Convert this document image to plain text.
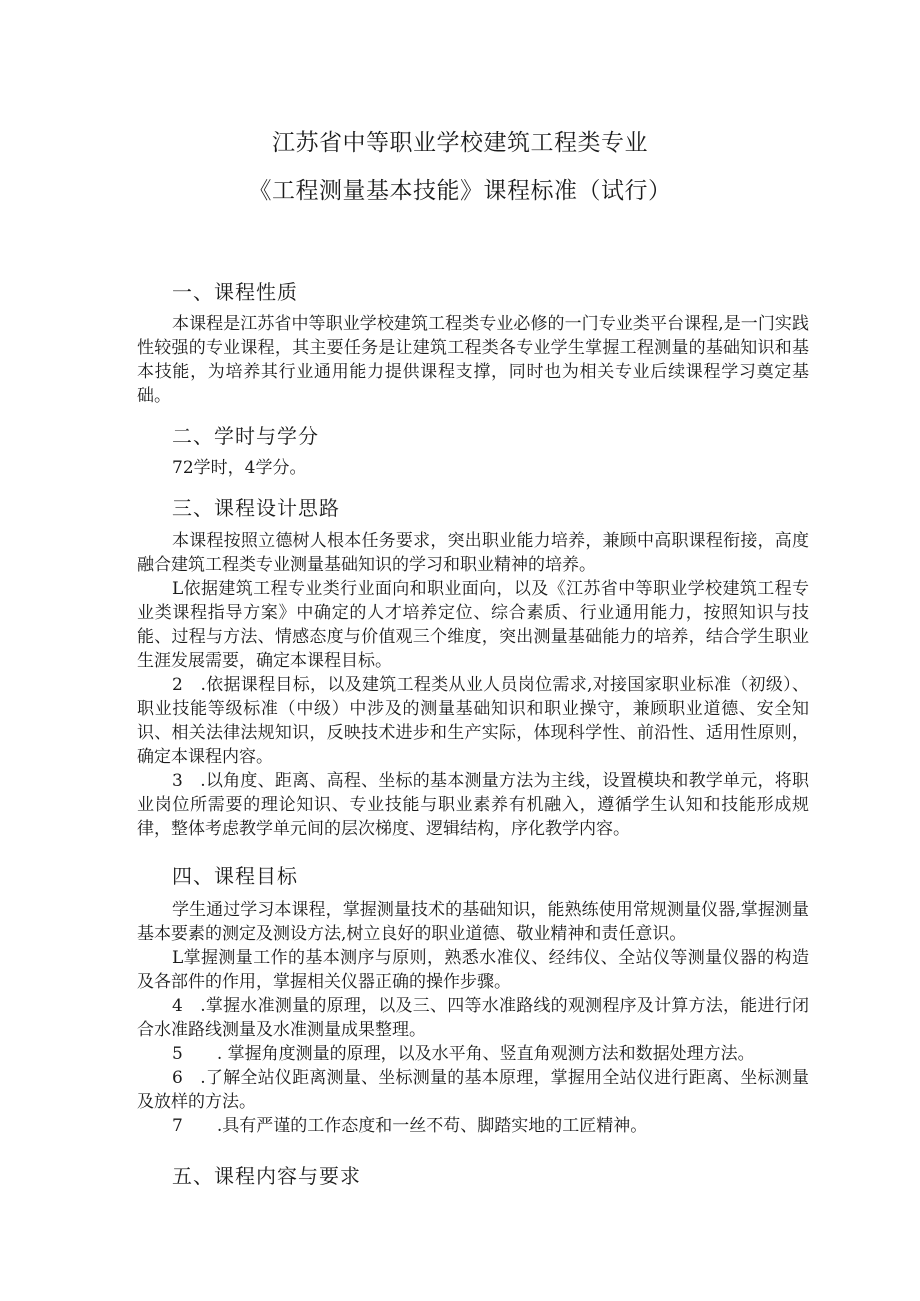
江苏省中等职业学校建筑工程类专业
《工程测量基本技能》课程标准（试行）
一、课程性质

本课程是江苏省中等职业学校建筑工程类专业必修的一门专业类平台课程,是一门实践性较强的专业课程，其主要任务是让建筑工程类各专业学生掌握工程测量的基础知识和基本技能，为培养其行业通用能力提供课程支撑，同时也为相关专业后续课程学习奠定基础。

二、学时与学分

72学时，4学分。

三、课程设计思路

本课程按照立德树人根本任务要求，突出职业能力培养，兼顾中高职课程衔接，高度融合建筑工程类专业测量基础知识的学习和职业精神的培养。

L依据建筑工程专业类行业面向和职业面向，以及《江苏省中等职业学校建筑工程专业类课程指导方案》中确定的人才培养定位、综合素质、行业通用能力，按照知识与技能、过程与方法、情感态度与价值观三个维度，突出测量基础能力的培养，结合学生职业生涯发展需要，确定本课程目标。

2　.依据课程目标，以及建筑工程类从业人员岗位需求,对接国家职业标准（初级）、职业技能等级标准（中级）中涉及的测量基础知识和职业操守，兼顾职业道德、安全知识、相关法律法规知识，反映技术进步和生产实际，体现科学性、前沿性、适用性原则，确定本课程内容。

3　.以角度、距离、高程、坐标的基本测量方法为主线，设置模块和教学单元，将职业岗位所需要的理论知识、专业技能与职业素养有机融入，遵循学生认知和技能形成规律，整体考虑教学单元间的层次梯度、逻辑结构，序化教学内容。

四、课程目标

学生通过学习本课程，掌握测量技术的基础知识，能熟练使用常规测量仪器,掌握测量基本要素的测定及测设方法,树立良好的职业道德、敬业精神和责任意识。

L掌握测量工作的基本测序与原则，熟悉水准仪、经纬仪、全站仪等测量仪器的构造及各部件的作用，掌握相关仪器正确的操作步骤。

4　.掌握水准测量的原理，以及三、四等水准路线的观测程序及计算方法，能进行闭合水准路线测量及水准测量成果整理。

5　　. 掌握角度测量的原理，以及水平角、竖直角观测方法和数据处理方法。

6　.了解全站仪距离测量、坐标测量的基本原理，掌握用全站仪进行距离、坐标测量及放样的方法。

7　　.具有严谨的工作态度和一丝不苟、脚踏实地的工匠精神。

五、课程内容与要求
